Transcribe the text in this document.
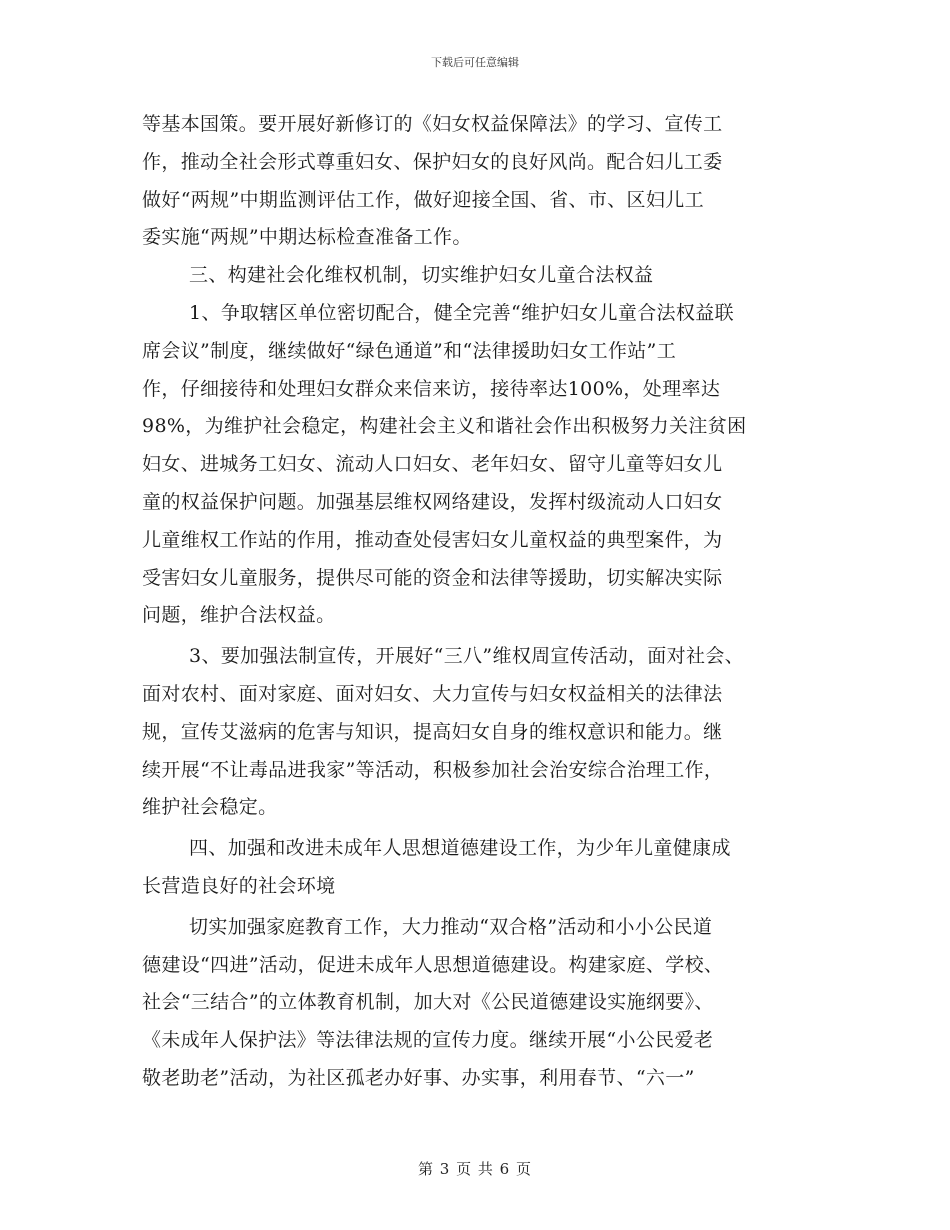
下载后可任意编辑
等基本国策。要开展好新修订的《妇女权益保障法》的学习、宣传工
作，推动全社会形式尊重妇女、保护妇女的良好风尚。配合妇儿工委
做好“两规”中期监测评估工作，做好迎接全国、省、市、区妇儿工
委实施“两规”中期达标检查准备工作。
三、构建社会化维权机制，切实维护妇女儿童合法权益
1、争取辖区单位密切配合，健全完善“维护妇女儿童合法权益联
席会议”制度，继续做好“绿色通道”和“法律援助妇女工作站”工
作，仔细接待和处理妇女群众来信来访，接待率达100%，处理率达
98%，为维护社会稳定，构建社会主义和谐社会作出积极努力关注贫困
妇女、进城务工妇女、流动人口妇女、老年妇女、留守儿童等妇女儿
童的权益保护问题。加强基层维权网络建设，发挥村级流动人口妇女
儿童维权工作站的作用，推动查处侵害妇女儿童权益的典型案件，为
受害妇女儿童服务，提供尽可能的资金和法律等援助，切实解决实际
问题，维护合法权益。
3、要加强法制宣传，开展好“三八”维权周宣传活动，面对社会、
面对农村、面对家庭、面对妇女、大力宣传与妇女权益相关的法律法
规，宣传艾滋病的危害与知识，提高妇女自身的维权意识和能力。继
续开展“不让毒品进我家”等活动，积极参加社会治安综合治理工作，
维护社会稳定。
四、加强和改进未成年人思想道德建设工作，为少年儿童健康成
长营造良好的社会环境
切实加强家庭教育工作，大力推动“双合格”活动和小小公民道
德建设“四进”活动，促进未成年人思想道德建设。构建家庭、学校、
社会“三结合”的立体教育机制，加大对《公民道德建设实施纲要》、
《未成年人保护法》等法律法规的宣传力度。继续开展“小公民爱老
敬老助老”活动，为社区孤老办好事、办实事，利用春节、“六一”
第 3 页 共 6 页
